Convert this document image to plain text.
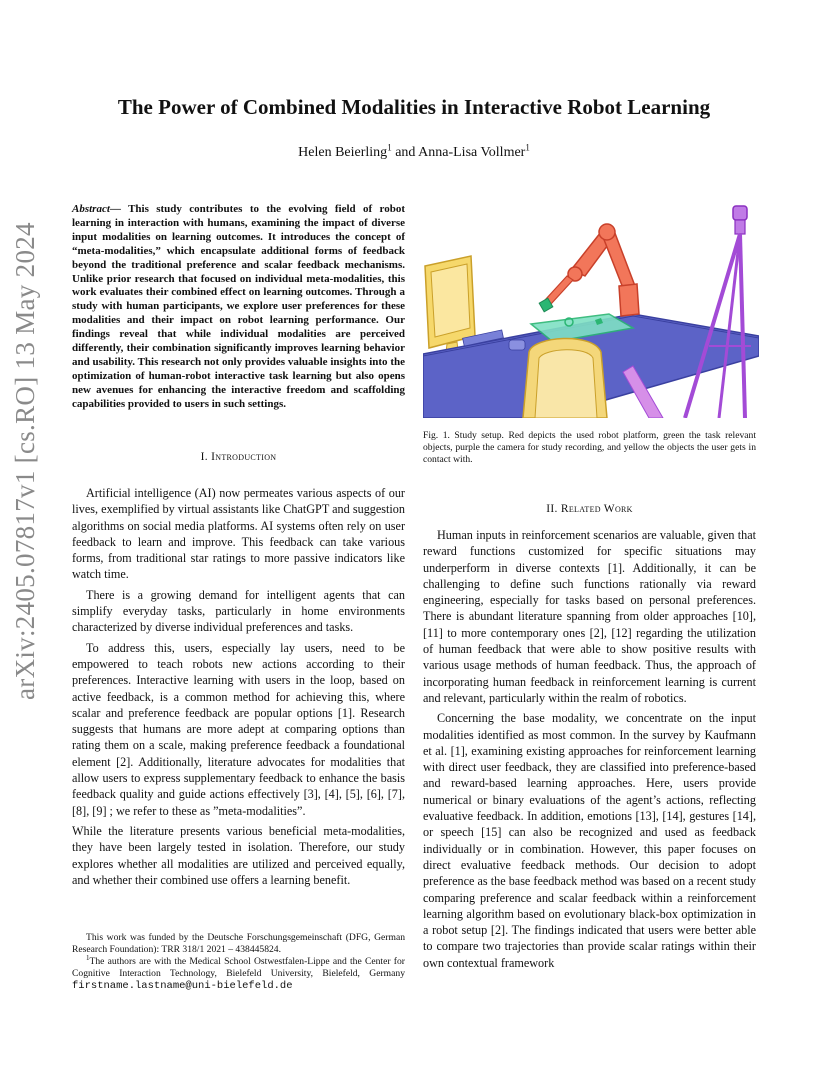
arXiv:2405.07817v1 [cs.RO] 13 May 2024
The Power of Combined Modalities in Interactive Robot Learning
Helen Beierling$^1$ and Anna-Lisa Vollmer$^1$
Abstract— This study contributes to the evolving field of robot learning in interaction with humans, examining the impact of diverse input modalities on learning outcomes. It introduces the concept of “meta-modalities,” which encapsulate additional forms of feedback beyond the traditional preference and scalar feedback mechanisms. Unlike prior research that focused on individual meta-modalities, this work evaluates their combined effect on learning outcomes. Through a study with human participants, we explore user preferences for these modalities and their impact on robot learning performance. Our findings reveal that while individual modalities are perceived differently, their combination significantly improves learning behavior and usability. This research not only provides valuable insights into the optimization of human-robot interactive task learning but also opens new avenues for enhancing the interactive freedom and scaffolding capabilities provided to users in such settings.
I. Introduction

Artificial intelligence (AI) now permeates various aspects of our lives, exemplified by virtual assistants like ChatGPT and suggestion algorithms on social media platforms. AI systems often rely on user feedback to learn and improve. This feedback can take various forms, from traditional star ratings to more passive indicators like watch time.

There is a growing demand for intelligent agents that can simplify everyday tasks, particularly in home environments characterized by diverse individual preferences and tasks.

To address this, users, especially lay users, need to be empowered to teach robots new actions according to their preferences. Interactive learning with users in the loop, based on active feedback, is a common method for achieving this, where scalar and preference feedback are popular options [1]. Research suggests that humans are more adept at comparing options than rating them on a scale, making preference feedback a foundational element [2]. Additionally, literature advocates for modalities that allow users to express supplementary feedback to enhance the basis feedback quality and guide actions effectively [3], [4], [5], [6], [7], [8], [9] ; we refer to these as ”meta-modalities”.

While the literature presents various beneficial meta-modalities, they have been largely tested in isolation. Therefore, our study explores whether all modalities are utilized and perceived equally, and whether their combined use offers a learning benefit.

This work was funded by the Deutsche Forschungsgemeinschaft (DFG, German Research Foundation): TRR 318/1 2021 – 438445824.

$^1$The authors are with the Medical School Ostwestfalen-Lippe and the Center for Cognitive Interaction Technology, Bielefeld University, Bielefeld, Germany firstname.lastname@uni-bielefeld.de

Fig. 1. Study setup. Red depicts the used robot platform, green the task relevant objects, purple the camera for study recording, and yellow the objects the user gets in contact with.
II. Related Work

Human inputs in reinforcement scenarios are valuable, given that reward functions customized for specific situations may underperform in diverse contexts [1]. Additionally, it can be challenging to define such functions rationally via reward engineering, especially for tasks based on personal preferences. There is abundant literature spanning from older approaches [10], [11] to more contemporary ones [2], [12] regarding the utilization of human feedback that were able to show positive results with various usage methods of human feedback. Thus, the approach of incorporating human feedback in reinforcement learning is current and relevant, particularly within the realm of robotics.

Concerning the base modality, we concentrate on the input modalities identified as most common. In the survey by Kaufmann et al. [1], examining existing approaches for reinforcement learning with direct user feedback, they are classified into preference-based and reward-based learning approaches. Here, users provide numerical or binary evaluations of the agent’s actions, reflecting evaluative feedback. In addition, emotions [13], [14], gestures [14], or speech [15] can also be recognized and used as feedback individually or in combination. However, this paper focuses on direct evaluative feedback methods. Our decision to adopt preference as the base feedback method was based on a recent study comparing preference and scalar feedback within a reinforcement learning algorithm based on evolutionary black-box optimization in a robot setup [2]. The findings indicated that users were better able to compare two trajectories than provide scalar ratings within their own contextual framework
